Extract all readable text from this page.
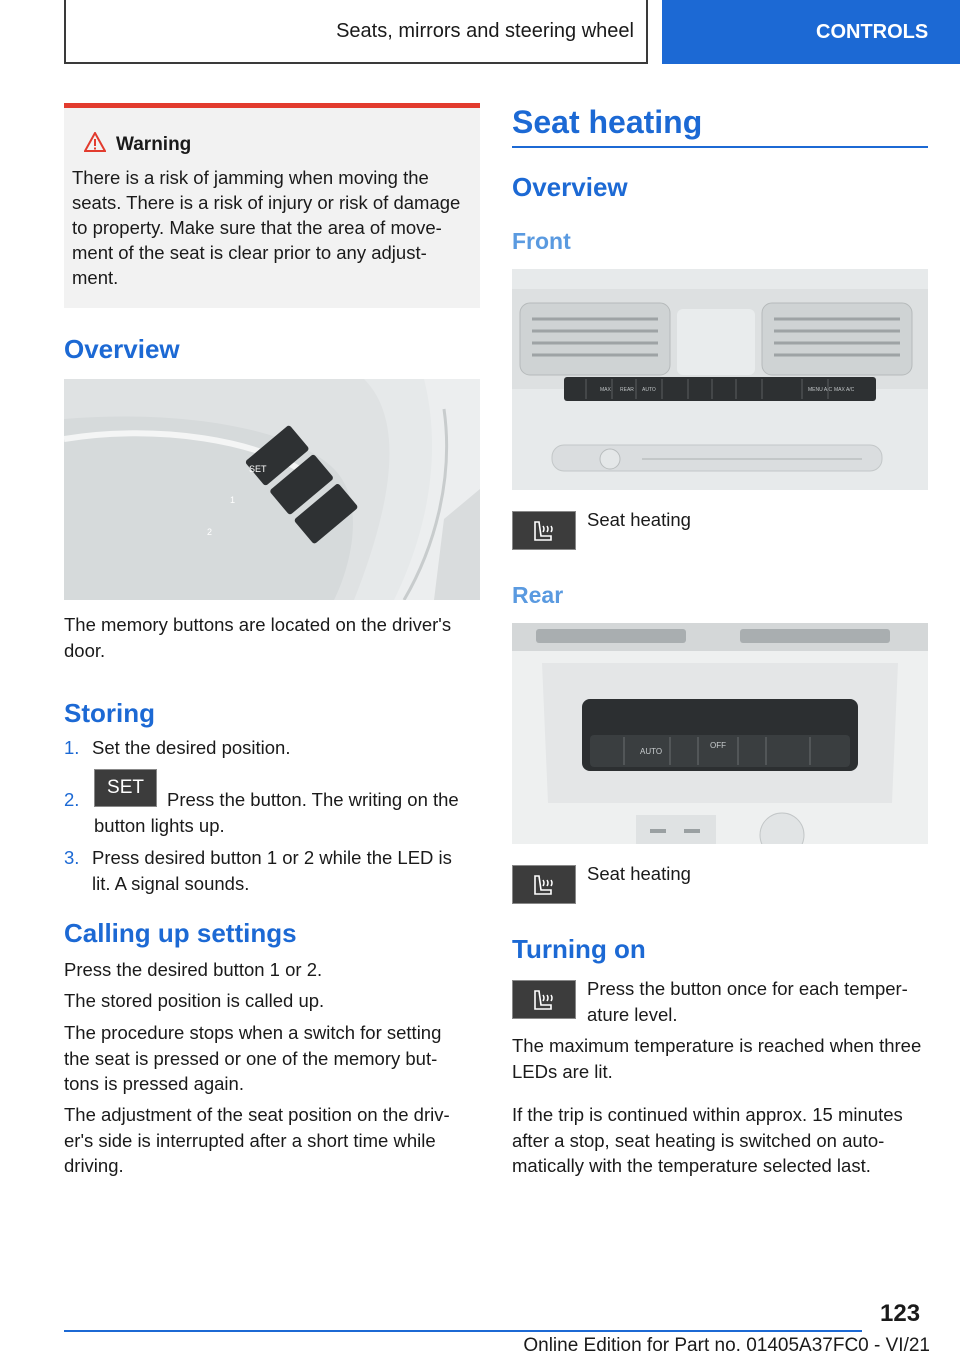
Seats, mirrors and steering wheel	CONTROLS
Warning
There is a risk of jamming when moving the seats. There is a risk of injury or risk of damage to property. Make sure that the area of move‐ment of the seat is clear prior to any adjust‐ment.
Overview
SET
1
2
The memory buttons are located on the driver's door.
Storing
1. Set the desired position.
2.
SET
Press the button. The writing on the button lights up.
3. Press desired button 1 or 2 while the LED is lit. A signal sounds.
Calling up settings
Press the desired button 1 or 2.
The stored position is called up.
The procedure stops when a switch for setting the seat is pressed or one of the memory but‐tons is pressed again.
The adjustment of the seat position on the driv‐er's side is interrupted after a short time while driving.
Seat heating
Overview
Front
MAX REAR AUTO	MENU A/C MAX A/C
Seat heating
Rear
AUTO
OFF
Seat heating
Turning on
Press the button once for each temper‐ature level.
The maximum temperature is reached when three LEDs are lit.
If the trip is continued within approx. 15 minutes after a stop, seat heating is switched on auto‐matically with the temperature selected last.
123
Online Edition for Part no. 01405A37FC0 - VI/21
